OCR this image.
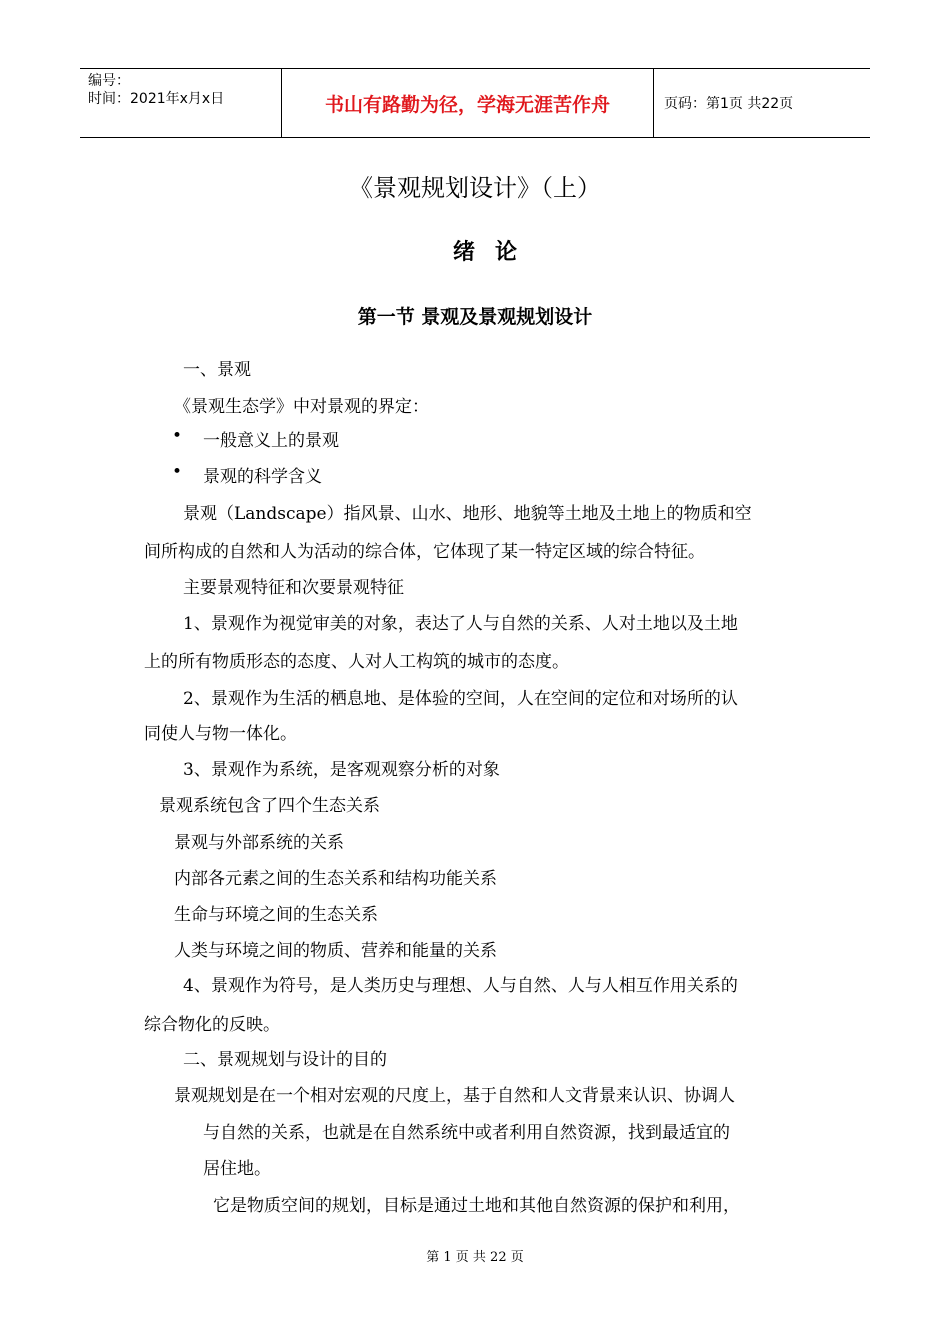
编号：
时间：2021年x月x日	书山有路勤为径，学海无涯苦作舟	页码：第1页 共22页
《景观规划设计》（上）
绪论
第一节 景观及景观规划设计
一、景观
《景观生态学》中对景观的界定：
• 一般意义上的景观
• 景观的科学含义
景观（Landscape）指风景、山水、地形、地貌等土地及土地上的物质和空
间所构成的自然和人为活动的综合体，它体现了某一特定区域的综合特征。
主要景观特征和次要景观特征
1、景观作为视觉审美的对象，表达了人与自然的关系、人对土地以及土地
上的所有物质形态的态度、人对人工构筑的城市的态度。
2、景观作为生活的栖息地、是体验的空间，人在空间的定位和对场所的认
同使人与物一体化。
3、景观作为系统，是客观观察分析的对象
景观系统包含了四个生态关系
景观与外部系统的关系
内部各元素之间的生态关系和结构功能关系
生命与环境之间的生态关系
人类与环境之间的物质、营养和能量的关系
4、景观作为符号，是人类历史与理想、人与自然、人与人相互作用关系的
综合物化的反映。
二、景观规划与设计的目的
景观规划是在一个相对宏观的尺度上，基于自然和人文背景来认识、协调人
与自然的关系，也就是在自然系统中或者利用自然资源，找到最适宜的
居住地。
它是物质空间的规划，目标是通过土地和其他自然资源的保护和利用，
第 1 页 共 22 页
